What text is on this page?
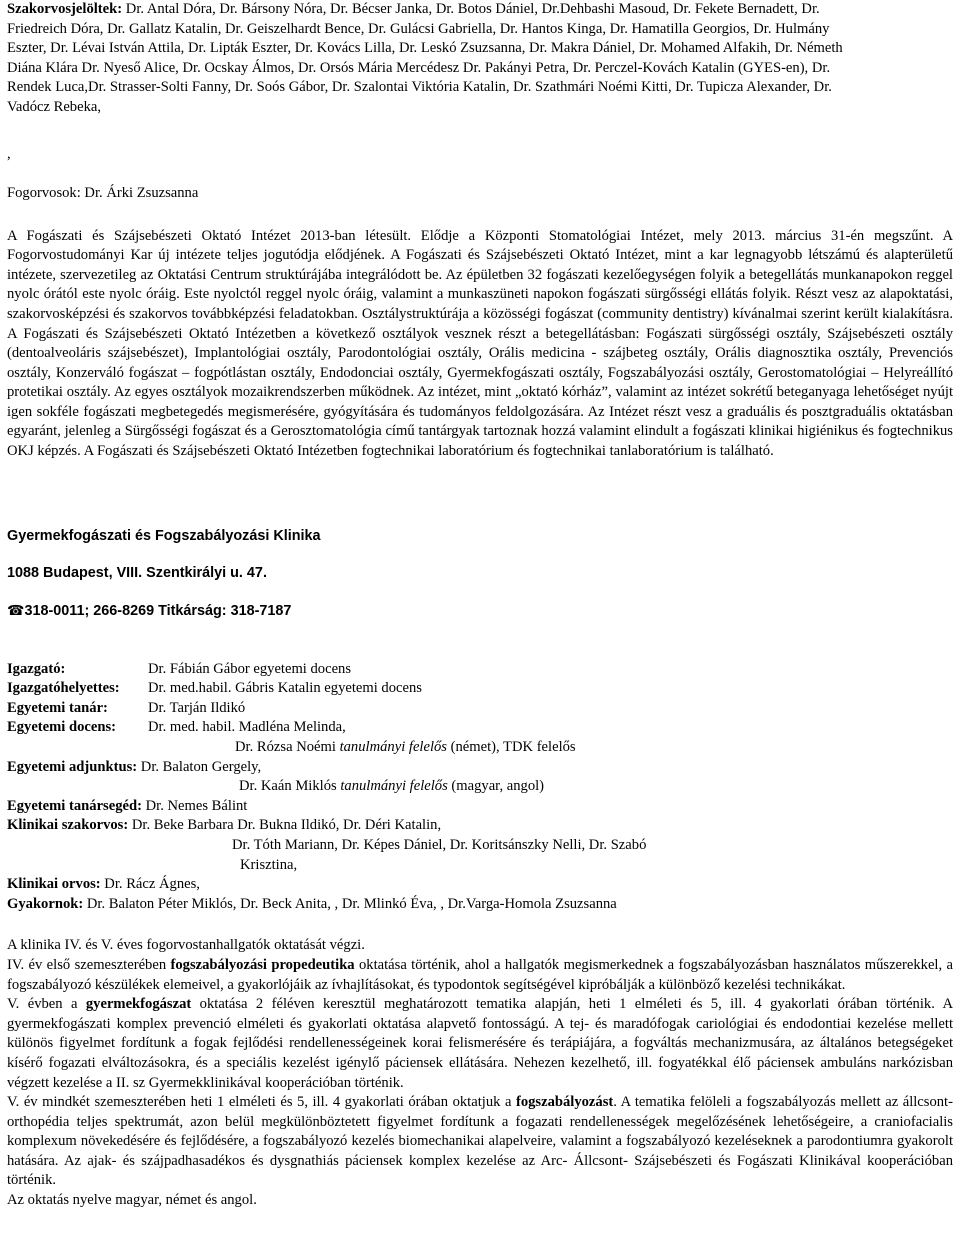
Szakorvosjelöltek: Dr. Antal Dóra, Dr. Bársony Nóra, Dr. Bécser Janka, Dr. Botos Dániel, Dr.Dehbashi Masoud, Dr. Fekete Bernadett, Dr.

Friedreich Dóra, Dr. Gallatz Katalin, Dr. Geiszelhardt Bence, Dr. Gulácsi Gabriella, Dr. Hantos Kinga, Dr. Hamatilla Georgios, Dr. Hulmány

Eszter, Dr. Lévai István Attila, Dr. Lipták Eszter, Dr. Kovács Lilla, Dr. Leskó Zsuzsanna, Dr. Makra Dániel, Dr. Mohamed Alfakih, Dr. Németh

Diána Klára Dr. Nyeső Alice, Dr. Ocskay Álmos, Dr. Orsós Mária Mercédesz Dr. Pakányi Petra, Dr. Perczel-Kovách Katalin (GYES-en), Dr.

Rendek Luca,Dr. Strasser-Solti Fanny, Dr. Soós Gábor, Dr. Szalontai Viktória Katalin, Dr. Szathmári Noémi Kitti, Dr. Tupicza Alexander, Dr.

Vadócz Rebeka,

,

Fogorvosok: Dr. Árki Zsuzsanna

A Fogászati és Szájsebészeti Oktató Intézet 2013-ban létesült. Elődje a Központi Stomatológiai Intézet, mely 2013. március 31-én megszűnt. A Fogorvostudományi Kar új intézete teljes jogutódja elődjének. A Fogászati és Szájsebészeti Oktató Intézet, mint a kar legnagyobb létszámú és alapterületű intézete, szervezetileg az Oktatási Centrum struktúrájába integrálódott be. Az épületben 32 fogászati kezelőegységen folyik a betegellátás munkanapokon reggel nyolc órától este nyolc óráig. Este nyolctól reggel nyolc óráig, valamint a munkaszüneti napokon fogászati sürgősségi ellátás folyik. Részt vesz az alapoktatási, szakorvosképzési és szakorvos továbbképzési feladatokban. Osztálystruktúrája a közösségi fogászat (community dentistry) kívánalmai szerint került kialakításra. A Fogászati és Szájsebészeti Oktató Intézetben a következő osztályok vesznek részt a betegellátásban: Fogászati sürgősségi osztály, Szájsebészeti osztály (dentoalveoláris szájsebészet), Implantológiai osztály, Parodontológiai osztály, Orális medicina - szájbeteg osztály, Orális diagnosztika osztály, Prevenciós osztály, Konzerváló fogászat – fogpótlástan osztály, Endodonciai osztály, Gyermekfogászati osztály, Fogszabályozási osztály, Gerostomatológiai – Helyreállító protetikai osztály. Az egyes osztályok mozaikrendszerben működnek. Az intézet, mint „oktató kórház”, valamint az intézet sokrétű beteganyaga lehetőséget nyújt igen sokféle fogászati megbetegedés megismerésére, gyógyítására és tudományos feldolgozására. Az Intézet részt vesz a graduális és posztgraduális oktatásban egyaránt, jelenleg a Sürgősségi fogászat és a Gerosztomatológia című tantárgyak tartoznak hozzá valamint elindult a fogászati klinikai higiénikus és fogtechnikus OKJ képzés. A Fogászati és Szájsebészeti Oktató Intézetben fogtechnikai laboratórium és fogtechnikai tanlaboratórium is található.

Gyermekfogászati és Fogszabályozási Klinika

1088 Budapest, VIII. Szentkirályi u. 47.

☎318-0011; 266-8269 Titkárság: 318-7187

Igazgató:	Dr. Fábián Gábor egyetemi docens
Igazgatóhelyettes:	Dr. med.habil. Gábris Katalin egyetemi docens
Egyetemi tanár:	Dr. Tarján Ildikó
Egyetemi docens:	Dr. med. habil. Madléna Melinda,

Dr. Rózsa Noémi tanulmányi felelős (német), TDK felelős

Egyetemi adjunktus: Dr. Balaton Gergely,

Dr. Kaán Miklós tanulmányi felelős (magyar, angol)

Egyetemi tanársegéd: Dr. Nemes Bálint

Klinikai szakorvos: Dr. Beke Barbara Dr. Bukna Ildikó, Dr. Déri Katalin,

Dr. Tóth Mariann, Dr. Képes Dániel, Dr. Koritsánszky Nelli, Dr. Szabó

Krisztina,

Klinikai orvos: Dr. Rácz Ágnes,

Gyakornok: Dr. Balaton Péter Miklós, Dr. Beck Anita, , Dr. Mlinkó Éva, , Dr.Varga-Homola Zsuzsanna

A klinika IV. és V. éves fogorvostanhallgatók oktatását végzi.

IV. év első szemeszterében fogszabályozási propedeutika oktatása történik, ahol a hallgatók megismerkednek a fogszabályozásban használatos műszerekkel, a fogszabályozó készülékek elemeivel, a gyakorlójáik az ívhajlításokat, és typodontok segítségével kipróbálják a különböző kezelési technikákat.

V. évben a gyermekfogászat oktatása 2 féléven keresztül meghatározott tematika alapján, heti 1 elméleti és 5, ill. 4 gyakorlati órában történik. A gyermekfogászati komplex prevenció elméleti és gyakorlati oktatása alapvető fontosságú. A tej- és maradófogak cariológiai és endodontiai kezelése mellett különös figyelmet fordítunk a fogak fejlődési rendellenességeinek korai felismerésére és terápiájára, a fogváltás mechanizmusára, az általános betegségeket kísérő fogazati elváltozásokra, és a speciális kezelést igénylő páciensek ellátására. Nehezen kezelhető, ill. fogyatékkal élő páciensek ambuláns narkózisban végzett kezelése a II. sz Gyermekklinikával kooperációban történik.

V. év mindkét szemeszterében heti 1 elméleti és 5, ill. 4 gyakorlati órában oktatjuk a fogszabályozást. A tematika felöleli a fogszabályozás mellett az állcsont-orthopédia teljes spektrumát, azon belül megkülönböztetett figyelmet fordítunk a fogazati rendellenességek megelőzésének lehetőségeire, a craniofacialis komplexum növekedésére és fejlődésére, a fogszabályozó kezelés biomechanikai alapelveire, valamint a fogszabályozó kezeléseknek a parodontiumra gyakorolt hatására. Az ajak- és szájpadhasadékos és dysgnathiás páciensek komplex kezelése az Arc- Állcsont- Szájsebészeti és Fogászati Klinikával kooperációban történik.

Az oktatás nyelve magyar, német és angol.
